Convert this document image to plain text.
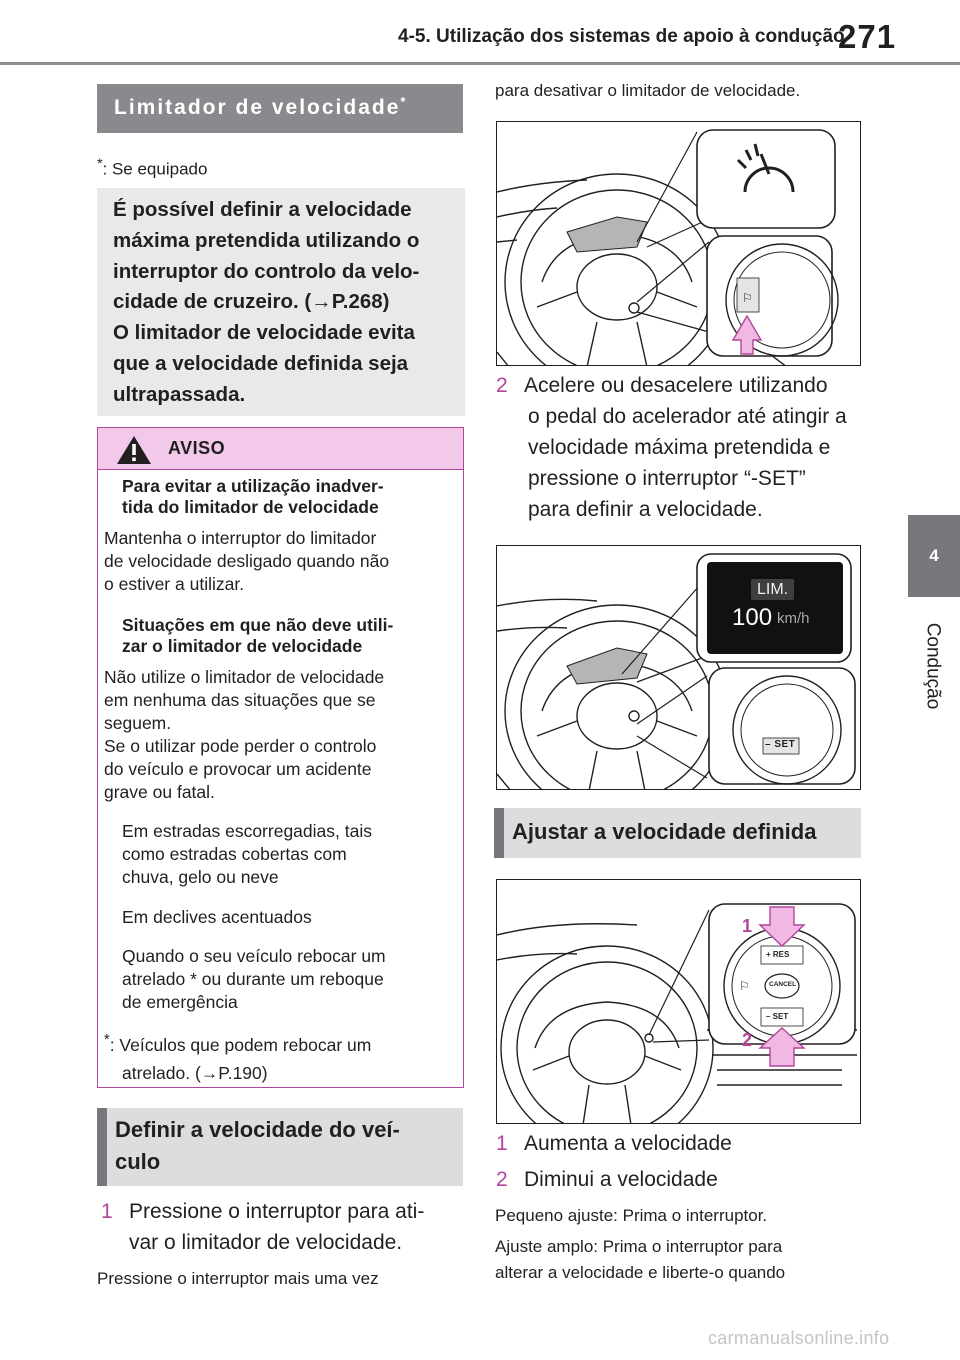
4-5. Utilização dos sistemas de apoio à condução
271
4
Condução
Limitador de velocidade*
*: Se equipado
É possível definir a velocidade
máxima pretendida utilizando o
interruptor do controlo da velo-
cidade de cruzeiro. (→P.268)
O limitador de velocidade evita
que a velocidade definida seja
ultrapassada.
AVISO
Para evitar a utilização inadver-
tida do limitador de velocidade
Mantenha o interruptor do limitador
de velocidade desligado quando não
o estiver a utilizar.
Situações em que não deve utili-
zar o limitador de velocidade
Não utilize o limitador de velocidade
em nenhuma das situações que se
seguem.
Se o utilizar pode perder o controlo
do veículo e provocar um acidente
grave ou fatal.
Em estradas escorregadias, tais
como estradas cobertas com
chuva, gelo ou neve
Em declives acentuados
Quando o seu veículo rebocar um
atrelado * ou durante um reboque
de emergência
*: Veículos que podem rebocar um
atrelado. (→P.190)
Definir a velocidade do veí-
culo
1 Pressione o interruptor para ati-
var o limitador de velocidade.
Pressione o interruptor mais uma vez
para desativar o limitador de velocidade.
⚐
2 Acelere ou desacelere utilizando
o pedal do acelerador até atingir a
velocidade máxima pretendida e
pressione o interruptor “-SET”
para definir a velocidade.
LIM.
100 km/h
– SET
Ajustar a velocidade definida
⚐
+ RES
CANCEL
– SET
1
2
1 Aumenta a velocidade
2 Diminui a velocidade
Pequeno ajuste: Prima o interruptor.
Ajuste amplo: Prima o interruptor para
alterar a velocidade e liberte-o quando
carmanualsonline.info
